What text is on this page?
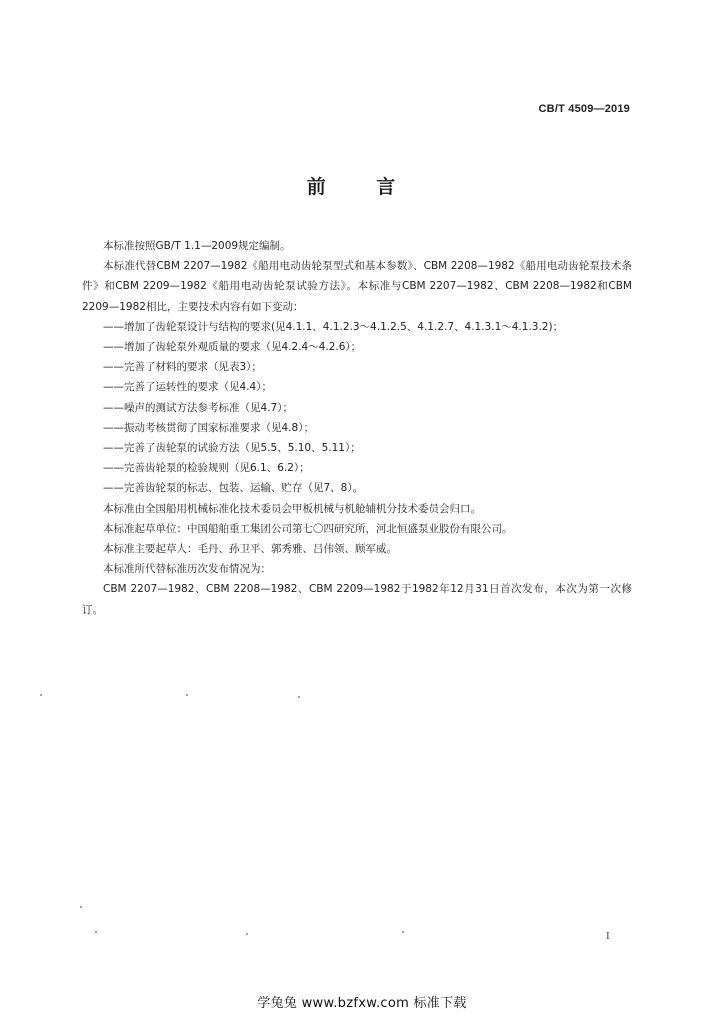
CB/T 4509—2019
前 言

本标准按照GB/T 1.1—2009规定编制。

本标准代替CBM 2207—1982《船用电动齿轮泵型式和基本参数》、CBM 2208—1982《船用电动齿轮泵技术条件》和CBM 2209—1982《船用电动齿轮泵试验方法》。本标准与CBM 2207—1982、CBM 2208—1982和CBM 2209—1982相比，主要技术内容有如下变动：

——增加了齿轮泵设计与结构的要求(见4.1.1、4.1.2.3～4.1.2.5、4.1.2.7、4.1.3.1～4.1.3.2)；

——增加了齿轮泵外观质量的要求（见4.2.4～4.2.6）；

——完善了材料的要求（见表3）；

——完善了运转性的要求（见4.4）；

——噪声的测试方法参考标准（见4.7）；

——振动考核贯彻了国家标准要求（见4.8）；

——完善了齿轮泵的试验方法（见5.5、5.10、5.11）；

——完善齿轮泵的检验规则（见6.1、6.2）；

——完善齿轮泵的标志、包装、运输、贮存（见7、8）。

本标准由全国船用机械标准化技术委员会甲板机械与机舱辅机分技术委员会归口。

本标准起草单位：中国船舶重工集团公司第七〇四研究所，河北恒盛泵业股份有限公司。

本标准主要起草人：毛丹、孙卫平、郭秀雅、吕伟领、顾军威。

本标准所代替标准历次发布情况为：

CBM 2207—1982、CBM 2208—1982、CBM 2209—1982于1982年12月31日首次发布，本次为第一次修订。

I
学兔兔 www.bzfxw.com 标准下载
